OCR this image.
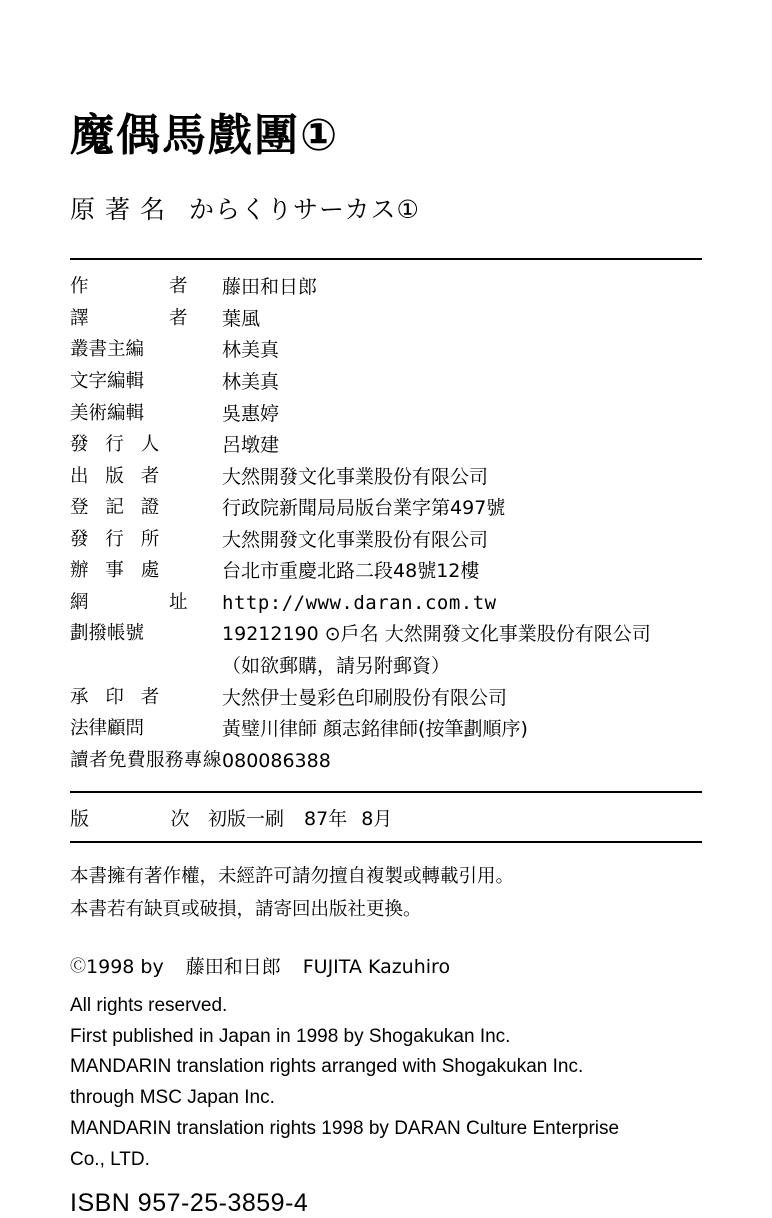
魔偶馬戲團①
原著名 からくりサーカス①
作　　者	藤田和日郎
譯　　者	葉風
叢書主編	林美真
文字編輯	林美真
美術編輯	吳惠婷
發 行 人	呂墩建
出 版 者	大然開發文化事業股份有限公司
登 記 證	行政院新聞局局版台業字第497號
發 行 所	大然開發文化事業股份有限公司
辦 事 處	台北市重慶北路二段48號12樓
網　　址	http://www.daran.com.tw
劃撥帳號	19212190 ⊙戶名 大然開發文化事業股份有限公司
	（如欲郵購，請另附郵資）
承 印 者	大然伊士曼彩色印刷股份有限公司
法律顧問	黃璧川律師 顏志銘律師(按筆劃順序)
讀者免費服務專線	080086388
版　　次 初版一刷 87年 8月
本書擁有著作權，未經許可請勿擅自複製或轉載引用。
本書若有缺頁或破損，請寄回出版社更換。
Ⓒ1998 by 藤田和日郎 FUJITA Kazuhiro

All rights reserved.

First published in Japan in 1998 by Shogakukan Inc.

MANDARIN translation rights arranged with Shogakukan Inc.

through MSC Japan Inc.

MANDARIN translation rights 1998 by DARAN Culture Enterprise

Co., LTD.

ISBN 957-25-3859-4
